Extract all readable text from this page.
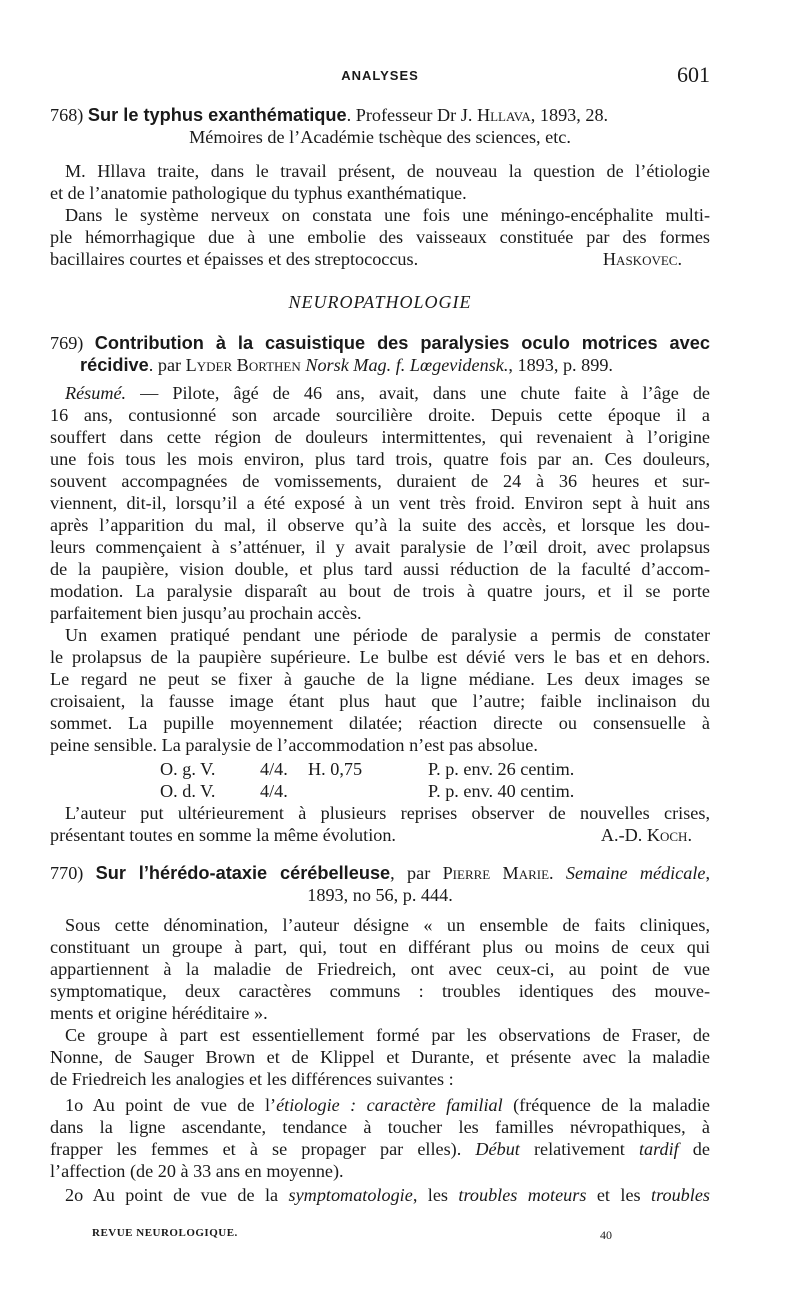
ANALYSES	601
768) Sur le typhus exanthématique. Professeur Dr J. Hllava, 1893, 28.
Mémoires de l’Académie tschèque des sciences, etc.
M. Hllava traite, dans le travail présent, de nouveau la question de l’étiologie
et de l’anatomie pathologique du typhus exanthématique.
Dans le système nerveux on constata une fois une méningo-encéphalite multi-
ple hémorrhagique due à une embolie des vaisseaux constituée par des formes
bacillaires courtes et épaisses et des streptococcus.	Haskovec.
NEUROPATHOLOGIE
769) Contribution à la casuistique des paralysies oculo motrices avec
récidive. par Lyder Borthen Norsk Mag. f. Lœgevidensk., 1893, p. 899.
Résumé. — Pilote, âgé de 46 ans, avait, dans une chute faite à l’âge de
16 ans, contusionné son arcade sourcilière droite. Depuis cette époque il a
souffert dans cette région de douleurs intermittentes, qui revenaient à l’origine
une fois tous les mois environ, plus tard trois, quatre fois par an. Ces douleurs,
souvent accompagnées de vomissements, duraient de 24 à 36 heures et sur-
viennent, dit-il, lorsqu’il a été exposé à un vent très froid. Environ sept à huit ans
après l’apparition du mal, il observe qu’à la suite des accès, et lorsque les dou-
leurs commençaient à s’atténuer, il y avait paralysie de l’œil droit, avec prolapsus
de la paupière, vision double, et plus tard aussi réduction de la faculté d’accom-
modation. La paralysie disparaît au bout de trois à quatre jours, et il se porte
parfaitement bien jusqu’au prochain accès.
Un examen pratiqué pendant une période de paralysie a permis de constater
le prolapsus de la paupière supérieure. Le bulbe est dévié vers le bas et en dehors.
Le regard ne peut se fixer à gauche de la ligne médiane. Les deux images se
croisaient, la fausse image étant plus haut que l’autre; faible inclinaison du
sommet. La pupille moyennement dilatée; réaction directe ou consensuelle à
peine sensible. La paralysie de l’accommodation n’est pas absolue.
O. g. V. 4/4. H. 0,75	P. p. env. 26 centim.
O. d. V. 4/4.	P. p. env. 40 centim.
L’auteur put ultérieurement à plusieurs reprises observer de nouvelles crises,
présentant toutes en somme la même évolution.	A.-D. Koch.
770) Sur l’hérédo-ataxie cérébelleuse, par Pierre Marie. Semaine médicale,
1893, no 56, p. 444.
Sous cette dénomination, l’auteur désigne « un ensemble de faits cliniques,
constituant un groupe à part, qui, tout en différant plus ou moins de ceux qui
appartiennent à la maladie de Friedreich, ont avec ceux-ci, au point de vue
symptomatique, deux caractères communs : troubles identiques des mouve-
ments et origine héréditaire ».
Ce groupe à part est essentiellement formé par les observations de Fraser, de
Nonne, de Sauger Brown et de Klippel et Durante, et présente avec la maladie
de Friedreich les analogies et les différences suivantes :
1o Au point de vue de l’étiologie : caractère familial (fréquence de la maladie
dans la ligne ascendante, tendance à toucher les familles névropathiques, à
frapper les femmes et à se propager par elles). Début relativement tardif de
l’affection (de 20 à 33 ans en moyenne).
2o Au point de vue de la symptomatologie, les troubles moteurs et les troubles
REVUE NEUROLOGIQUE.	40
